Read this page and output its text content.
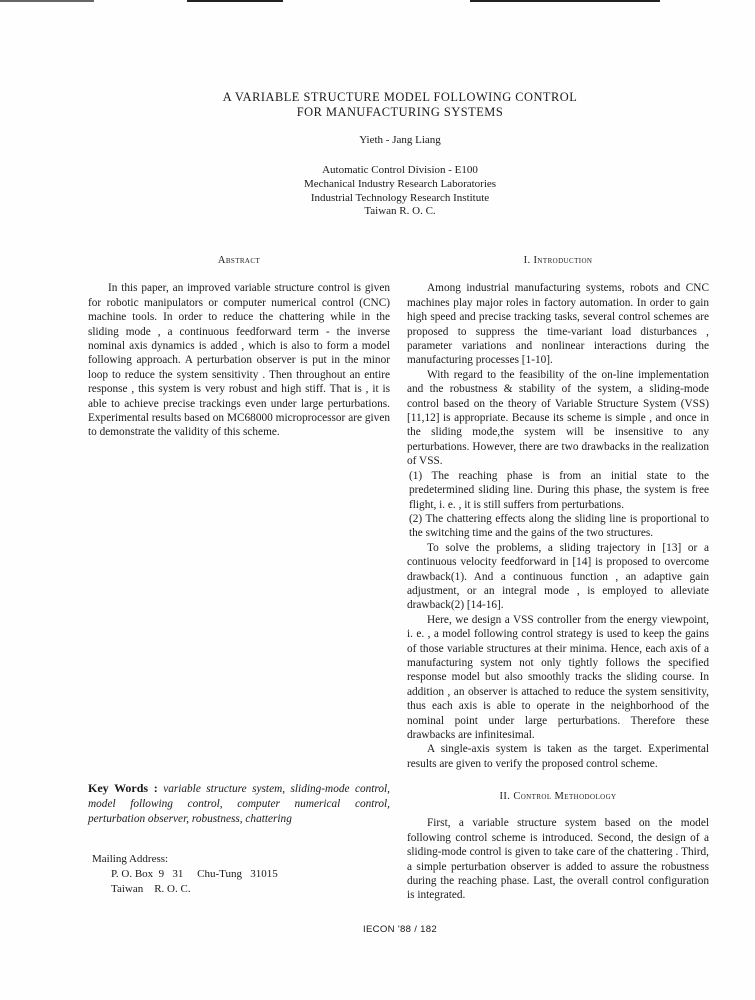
A VARIABLE STRUCTURE MODEL FOLLOWING CONTROL
FOR MANUFACTURING SYSTEMS
Yieth - Jang Liang
Automatic Control Division - E100
Mechanical Industry Research Laboratories
Industrial Technology Research Institute
Taiwan R. O. C.
Abstract

In this paper, an improved variable structure control is given for robotic manipulators or computer numerical control (CNC) machine tools. In order to reduce the chattering while in the sliding mode , a continuous feedforward term - the inverse nominal axis dynamics is added , which is also to form a model following approach. A perturbation observer is put in the minor loop to reduce the system sensitivity . Then throughout an entire response , this system is very robust and high stiff. That is , it is able to achieve precise trackings even under large perturbations. Experimental results based on MC68000 microprocessor are given to demonstrate the validity of this scheme.

Key Words : variable structure system, sliding-mode control, model following control, computer numerical control, perturbation observer, robustness, chattering
Mailing Address:
P. O. Box  9   31     Chu-Tung   31015
Taiwan    R. O. C.
I. Introduction

Among industrial manufacturing systems, robots and CNC machines play major roles in factory automation. In order to gain high speed and precise tracking tasks, several control schemes are proposed to suppress the time-variant load disturbances , parameter variations and nonlinear interactions during the manufacturing processes [1-10].

With regard to the feasibility of the on-line implementation and the robustness & stability of the system, a sliding-mode control based on the theory of Variable Structure System (VSS) [11,12] is appropriate. Because its scheme is simple , and once in the sliding mode,the system will be insensitive to any perturbations. However, there are two drawbacks in the realization of VSS.

(1) The reaching phase is from an initial state to the predetermined sliding line. During this phase, the system is free flight, i. e. , it is still suffers from perturbations.

(2) The chattering effects along the sliding line is proportional to the switching time and the gains of the two structures.

To solve the problems, a sliding trajectory in [13] or a continuous velocity feedforward in [14] is proposed to overcome drawback(1). And a continuous function , an adaptive gain adjustment, or an integral mode , is employed to alleviate drawback(2) [14-16].

Here, we design a VSS controller from the energy viewpoint, i. e. , a model following control strategy is used to keep the gains of those variable structures at their minima. Hence, each axis of a manufacturing system not only tightly follows the specified response model but also smoothly tracks the sliding course. In addition , an observer is attached to reduce the system sensitivity, thus each axis is able to operate in the neighborhood of the nominal point under large perturbations. Therefore these drawbacks are infinitesimal.

A single-axis system is taken as the target. Experimental results are given to verify the proposed control scheme.

II. Control Methodology

First, a variable structure system based on the model following control scheme is introduced. Second, the design of a sliding-mode control is given to take care of the chattering . Third, a simple perturbation observer is added to assure the robustness during the reaching phase. Last, the overall control configuration is integrated.

IECON '88 / 182
